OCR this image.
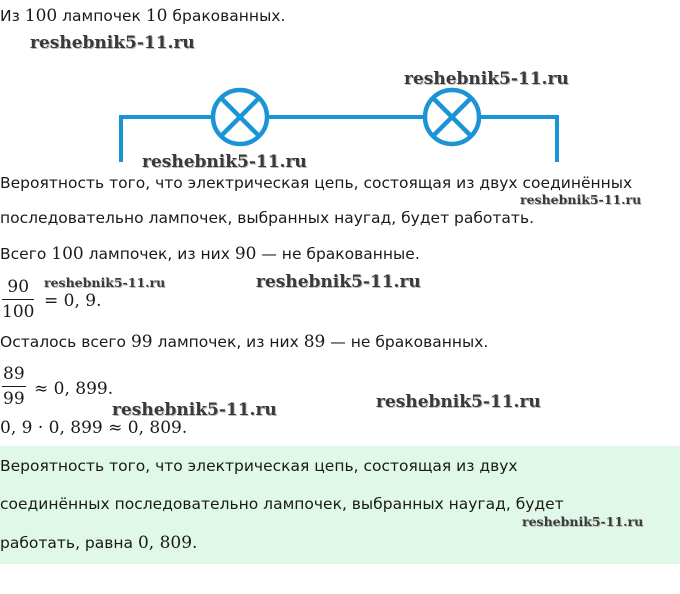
Из 100 лампочек 10 бракованных.
reshebnik5-11.ru
reshebnik5-11.ru
reshebnik5-11.ru
Вероятность того, что электрическая цепь, состоящая из двух соединённых
reshebnik5-11.ru
последовательно лампочек, выбранных наугад, будет работать.
Всего 100 лампочек, из них 90 — не бракованные.
90
100
reshebnik5-11.ru
= 0, 9.
reshebnik5-11.ru
Осталось всего 99 лампочек, из них 89 — не бракованных.
89
99 ≈ 0, 899.
reshebnik5-11.ru
reshebnik5-11.ru
0, 9 · 0, 899 ≈ 0, 809.
Вероятность того, что электрическая цепь, состоящая из двух
соединённых последовательно лампочек, выбранных наугад, будет
reshebnik5-11.ru
работать, равна 0, 809.
